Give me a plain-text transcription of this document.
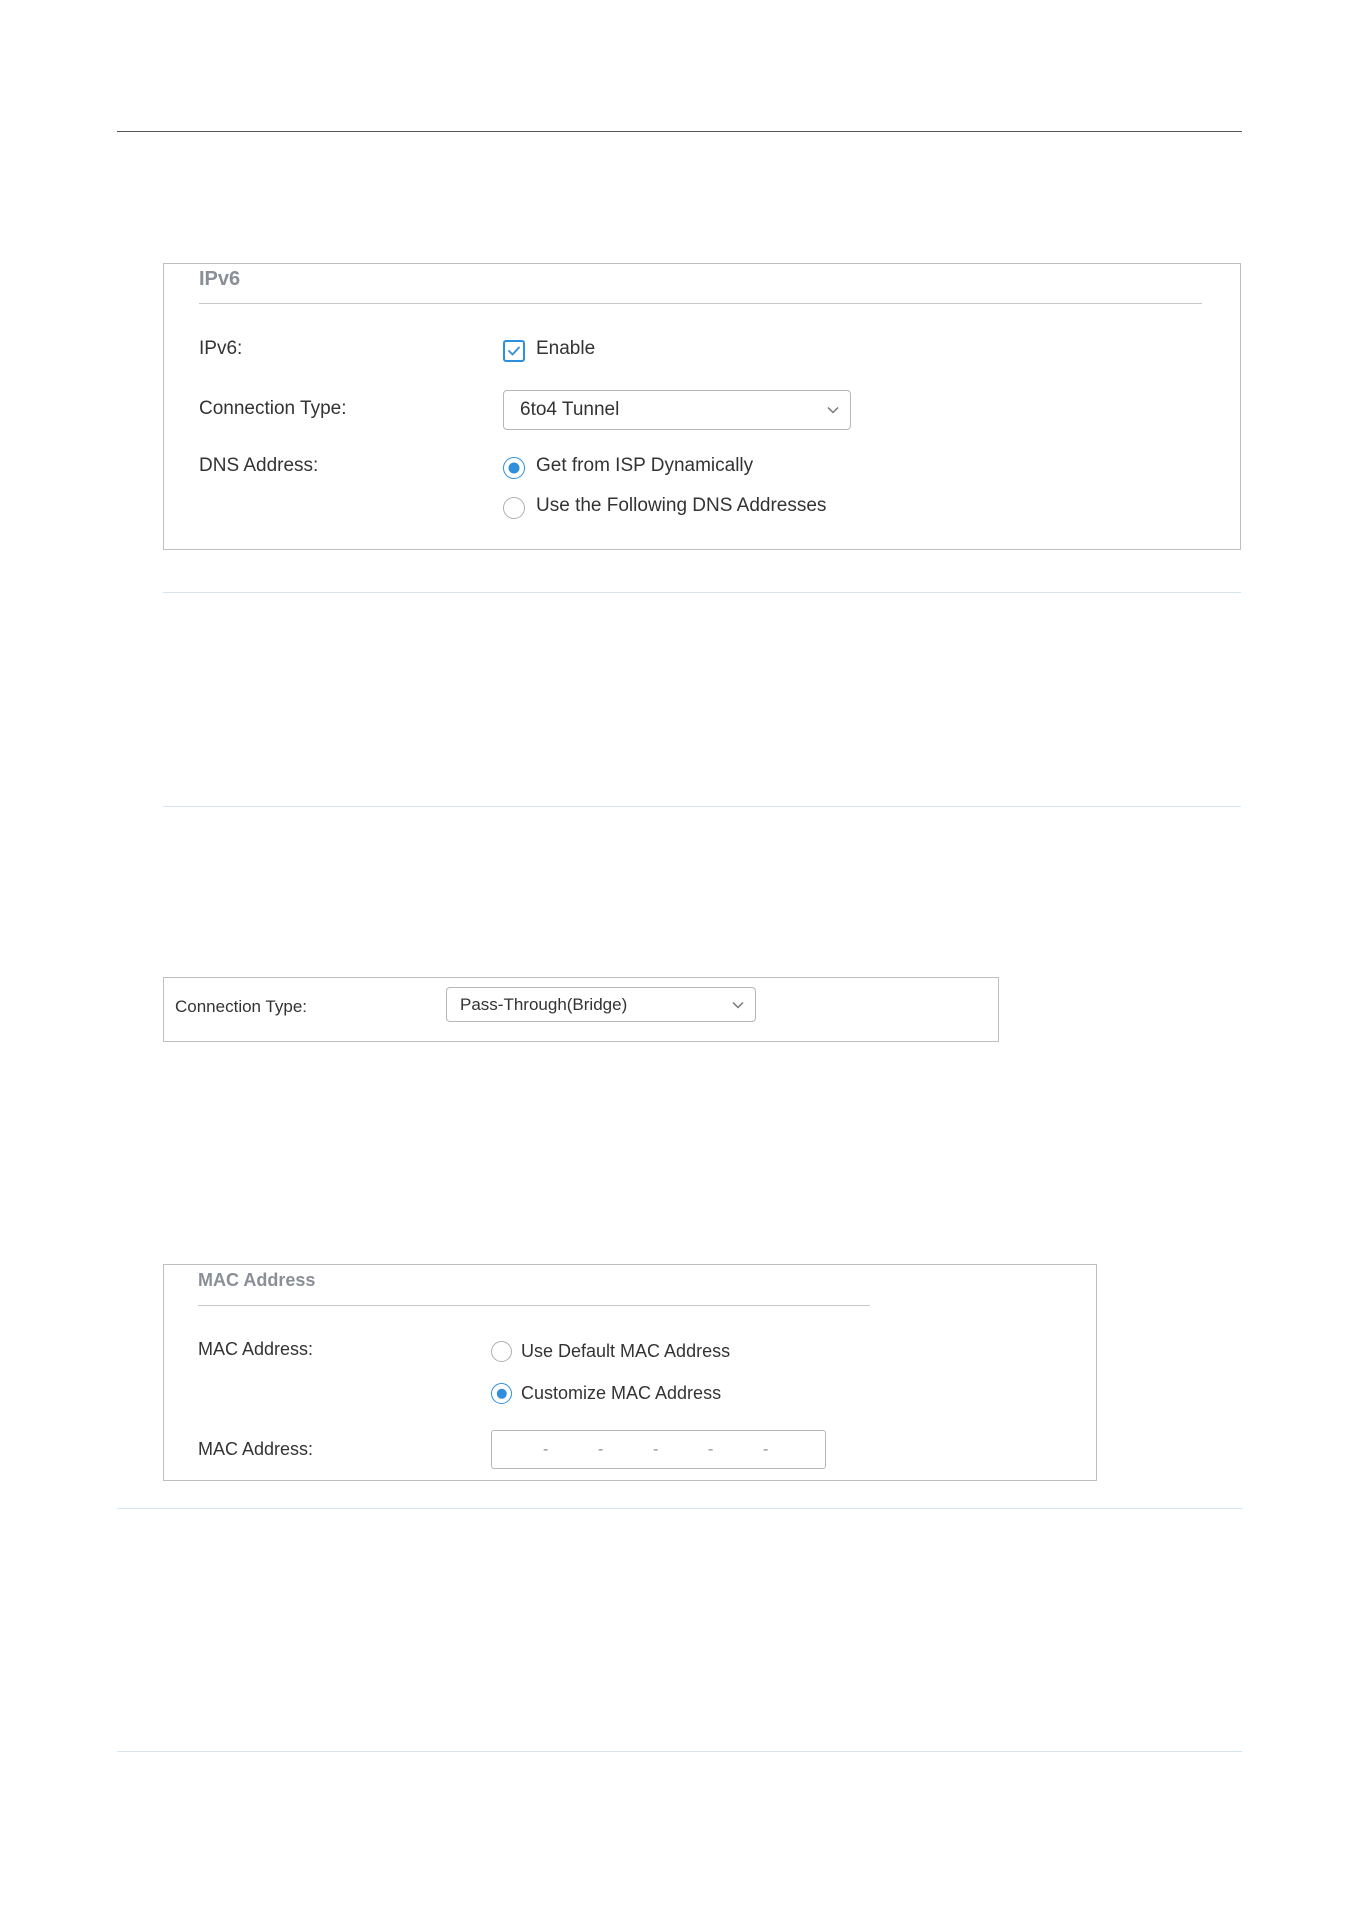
IPv6
IPv6:	Enable
Connection Type:	6to4 Tunnel
DNS Address:	Get from ISP Dynamically
Use the Following DNS Addresses
Connection Type:	Pass-Through(Bridge)
MAC Address
MAC Address:	Use Default MAC Address
Customize MAC Address
MAC Address:	-	-	-	-	-
